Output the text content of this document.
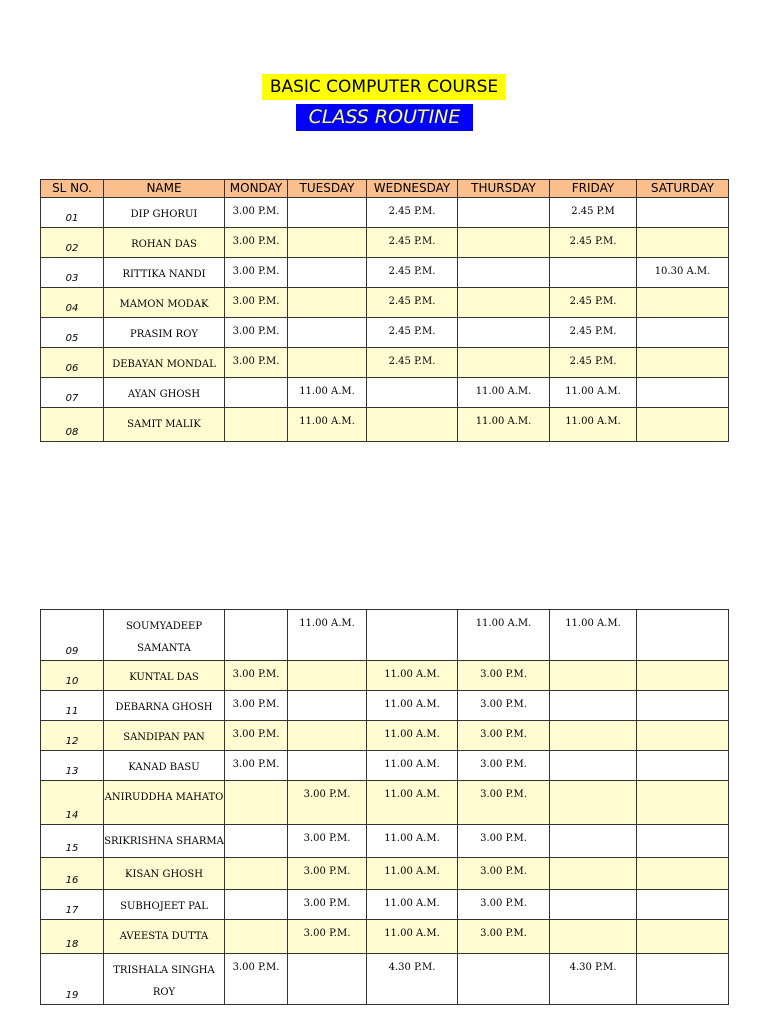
BASIC COMPUTER COURSE
CLASS ROUTINE
SL NO.	NAME	MONDAY	TUESDAY	WEDNESDAY	THURSDAY	FRIDAY	SATURDAY
01	DIP GHORUI	3.00 P.M.		2.45 P.M.		2.45 P.M	
02	ROHAN DAS	3.00 P.M.		2.45 P.M.		2.45 P.M.	
03	RITTIKA NANDI	3.00 P.M.		2.45 P.M.			10.30 A.M.
04	MAMON MODAK	3.00 P.M.		2.45 P.M.		2.45 P.M.	
05	PRASIM ROY	3.00 P.M.		2.45 P.M.		2.45 P.M.	
06	DEBAYAN MONDAL	3.00 P.M.		2.45 P.M.		2.45 P.M.	
07	AYAN GHOSH		11.00 A.M.		11.00 A.M.	11.00 A.M.	
08	SAMIT MALIK		11.00 A.M.		11.00 A.M.	11.00 A.M.	
09	SOUMYADEEP SAMANTA		11.00 A.M.		11.00 A.M.	11.00 A.M.	
10	KUNTAL DAS	3.00 P.M.		11.00 A.M.	3.00 P.M.		
11	DEBARNA GHOSH	3.00 P.M.		11.00 A.M.	3.00 P.M.		
12	SANDIPAN PAN	3.00 P.M.		11.00 A.M.	3.00 P.M.		
13	KANAD BASU	3.00 P.M.		11.00 A.M.	3.00 P.M.		
14	ANIRUDDHA MAHATO		3.00 P.M.	11.00 A.M.	3.00 P.M.		
15	SRIKRISHNA SHARMA		3.00 P.M.	11.00 A.M.	3.00 P.M.		
16	KISAN GHOSH		3.00 P.M.	11.00 A.M.	3.00 P.M.		
17	SUBHOJEET PAL		3.00 P.M.	11.00 A.M.	3.00 P.M.		
18	AVEESTA DUTTA		3.00 P.M.	11.00 A.M.	3.00 P.M.		
19	TRISHALA SINGHA ROY	3.00 P.M.		4.30 P.M.		4.30 P.M.	
